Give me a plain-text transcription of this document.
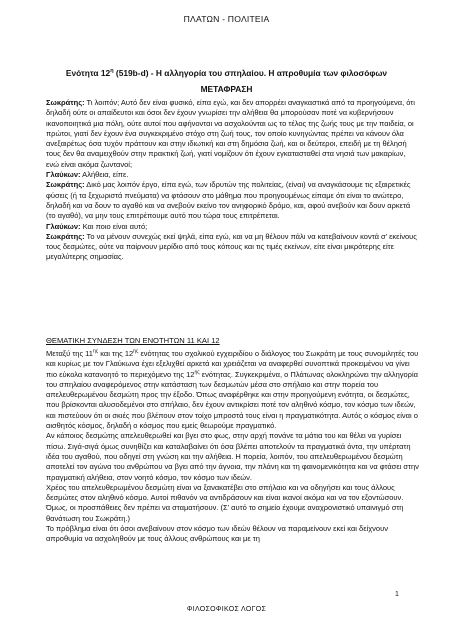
ΠΛΑΤΩΝ - ΠΟΛΙΤΕΙΑ
Ενότητα $12^\eta$ (519b-d) - Η αλληγορία του σπηλαίου. Η απροθυμία των φιλοσόφων
ΜΕΤΑΦΡΑΣΗ

Σωκράτης: Τι λοιπόν; Αυτό δεν είναι φυσικό, είπα εγώ, και δεν απορρέει αναγκαστικά από τα προηγούμενα, ότι δηλαδή ούτε οι απαίδευτοι και όσοι δεν έχουν γνωρίσει την αλήθεια θα μπορούσαν ποτέ να κυβερνήσουν ικανοποιητικά μια πόλη, ούτε αυτοί που αφήνονται να ασχολούνται ως το τέλος της ζωής τους με την παιδεία, οι πρώτοι, γιατί δεν έχουν ένα συγκεκριμένο στόχο στη ζωή τους, τον οποίο κυνηγώντας πρέπει να κάνουν όλα ανεξαιρέτως όσα τυχόν πράττουν και στην ιδιωτική και στη δημόσια ζωή, και οι δεύτεροι, επειδή με τη θέλησή τους δεν θα αναμειχθούν στην πρακτική ζωή, γιατί νομίζουν ότι έχουν εγκατασταθεί στα νησιά των μακαρίων, ενώ είναι ακόμα ζωντανοί;

Γλαύκων: Αλήθεια, είπε.

Σωκράτης: Δικό μας λοιπόν έργο, είπα εγώ, των ιδρυτών της πολιτείας, (είναι) να αναγκάσουμε τις εξαιρετικές φύσεις (ή τα ξεχωριστά πνεύματα) να φτάσουν στο μάθημα που προηγουμένως είπαμε ότι είναι το ανώτερο, δηλαδή και να δουν το αγαθό και να ανεβούν εκείνο τον ανηφορικό δρόμο, και, αφού ανεβούν και δουν αρκετά (το αγαθό), να μην τους επιτρέπουμε αυτό που τώρα τους επιτρέπεται.

Γλαύκων: Και ποιο είναι αυτό;

Σωκράτης: Το να μένουν συνεχώς εκεί ψηλά, είπα εγώ, και να μη θέλουν πάλι να κατεβαίνουν κοντά σ’ εκείνους τους δεσμώτες, ούτε να παίρνουν μερίδιο από τους κόπους και τις τιμές εκείνων, είτε είναι μικρότερης είτε μεγαλύτερης σημασίας.

ΘΕΜΑΤΙΚΗ ΣΥΝΔΕΣΗ ΤΩΝ ΕΝΟΤΗΤΩΝ 11 ΚΑΙ 12

Μεταξύ της $11^{\eta\varsigma}$ και της $12^{\eta\varsigma}$ ενότητας του σχολικού εγχειριδίου ο διάλογος του Σωκράτη με τους συνομιλητές του και κυρίως με τον Γλαύκωνα έχει εξελιχθεί αρκετά και χρειάζεται να αναφερθεί συνοπτικά προκειμένου να γίνει πιο εύκολα κατανοητό το περιεχόμενο της $12^{\eta\varsigma}$ ενότητας. Συγκεκριμένα, ο Πλάτωνας ολοκληρώνει την αλληγορία του σπηλαίου αναφερόμενος στην κατάσταση των δεσμωτών μέσα στο σπήλαιο και στην πορεία του απελευθερωμένου δεσμώτη προς την έξοδο. Όπως αναφέρθηκε και στην προηγούμενη ενότητα, οι δεσμώτες, που βρίσκονται αλυσοδεμένοι στο σπήλαιο, δεν έχουν αντικρίσει ποτέ τον αληθινό κόσμο, τον κόσμο των ιδεών, και πιστεύουν ότι οι σκιές που βλέπουν στον τοίχο μπροστά τους είναι η πραγματικότητα. Αυτός ο κόσμος είναι ο αισθητός κόσμος, δηλαδή ο κόσμος που εμείς θεωρούμε πραγματικό.

Αν κάποιος δεσμώτης απελευθερωθεί και βγει στο φως, στην αρχή πονάνε τα μάτια του και θέλει να γυρίσει πίσω. Σιγά-σιγά όμως συνηθίζει και καταλαβαίνει ότι όσα βλέπει αποτελούν τα πραγματικά όντα, την υπέρτατη ιδέα του αγαθού, που οδηγεί στη γνώση και την αλήθεια. Η πορεία, λοιπόν, του απελευθερωμένου δεσμώτη αποτελεί τον αγώνα του ανθρώπου να βγει από την άγνοια, την πλάνη και τη φαινομενικότητα και να φτάσει στην πραγματική αλήθεια, στον νοητό κόσμο, τον κόσμο των ιδεών.

Χρέος του απελευθερωμένου δεσμώτη είναι να ξανακατέβει στο σπήλαιο και να οδηγήσει και τους άλλους δεσμώτες στον αληθινό κόσμο. Αυτοί πιθανόν να αντιδράσουν και είναι ικανοί ακόμα και να τον εξοντώσουν. Όμως, οι προσπάθειες δεν πρέπει να σταματήσουν. (Σ’ αυτό το σημείο έχουμε αναχρονιστικό υπαινιγμό στη θανάτωση του Σωκράτη.)

Το πρόβλημα είναι ότι όσοι ανεβαίνουν στον κόσμο των ιδεών θέλουν να παραμείνουν εκεί και δείχνουν απροθυμία να ασχοληθούν με τους άλλους ανθρώπους και με τη

1
ΦΙΛΟΣΟΦΙΚΟΣ ΛΟΓΟΣ
